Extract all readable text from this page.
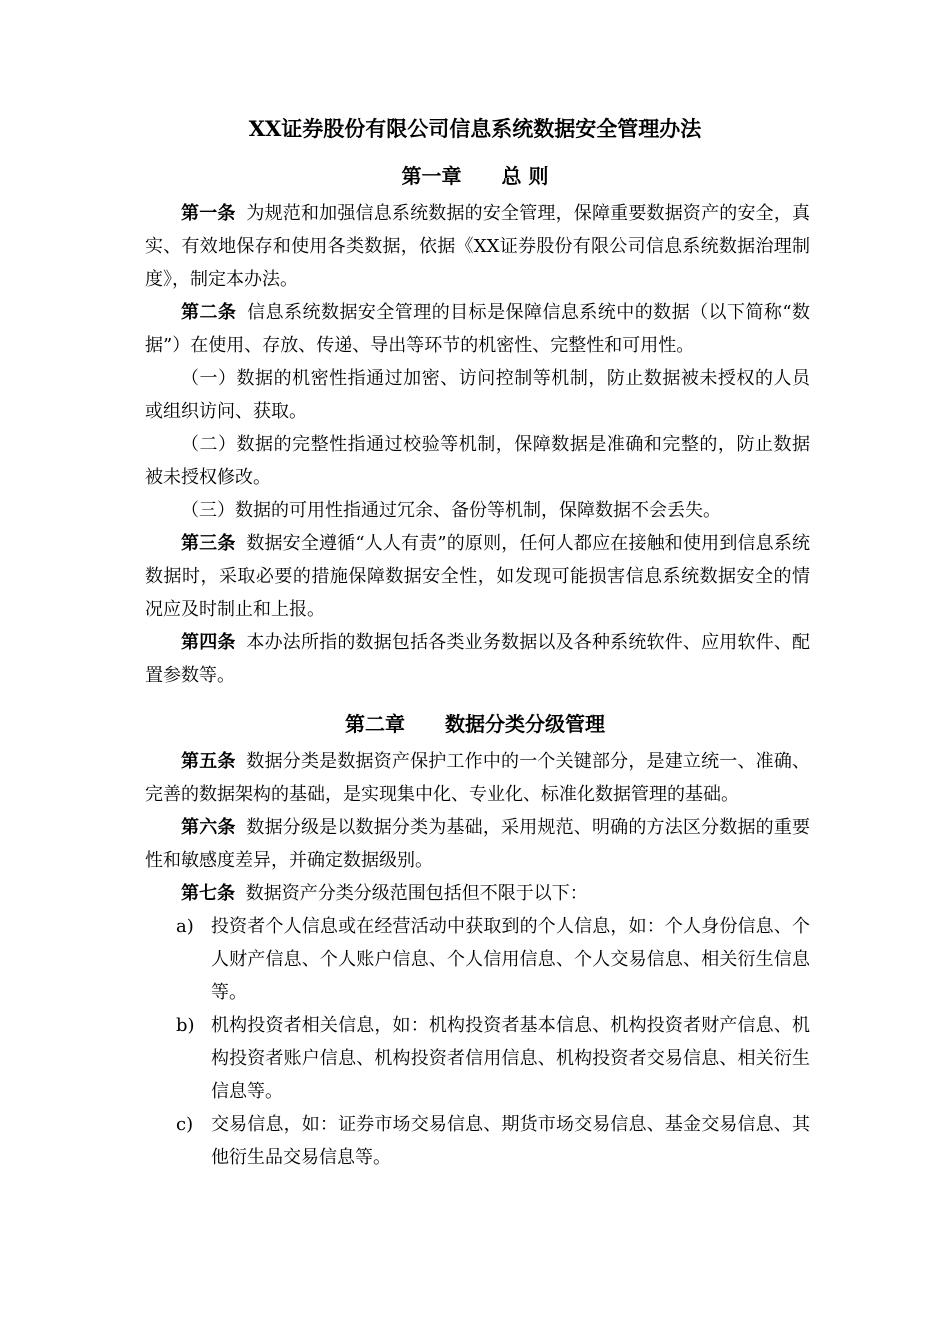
XX证券股份有限公司信息系统数据安全管理办法
第一章　　总 则

第一条 为规范和加强信息系统数据的安全管理，保障重要数据资产的安全，真实、有效地保存和使用各类数据，依据《XX证券股份有限公司信息系统数据治理制度》，制定本办法。

第二条 信息系统数据安全管理的目标是保障信息系统中的数据（以下简称“数据”）在使用、存放、传递、导出等环节的机密性、完整性和可用性。

（一）数据的机密性指通过加密、访问控制等机制，防止数据被未授权的人员或组织访问、获取。

（二）数据的完整性指通过校验等机制，保障数据是准确和完整的，防止数据被未授权修改。

（三）数据的可用性指通过冗余、备份等机制，保障数据不会丢失。

第三条 数据安全遵循“人人有责”的原则，任何人都应在接触和使用到信息系统数据时，采取必要的措施保障数据安全性，如发现可能损害信息系统数据安全的情况应及时制止和上报。

第四条 本办法所指的数据包括各类业务数据以及各种系统软件、应用软件、配置参数等。

第二章　　数据分类分级管理

第五条 数据分类是数据资产保护工作中的一个关键部分，是建立统一、准确、完善的数据架构的基础，是实现集中化、专业化、标准化数据管理的基础。

第六条 数据分级是以数据分类为基础，采用规范、明确的方法区分数据的重要性和敏感度差异，并确定数据级别。

第七条 数据资产分类分级范围包括但不限于以下：

a) 投资者个人信息或在经营活动中获取到的个人信息，如：个人身份信息、个人财产信息、个人账户信息、个人信用信息、个人交易信息、相关衍生信息等。
b) 机构投资者相关信息，如：机构投资者基本信息、机构投资者财产信息、机构投资者账户信息、机构投资者信用信息、机构投资者交易信息、相关衍生信息等。
c) 交易信息，如：证券市场交易信息、期货市场交易信息、基金交易信息、其他衍生品交易信息等。
